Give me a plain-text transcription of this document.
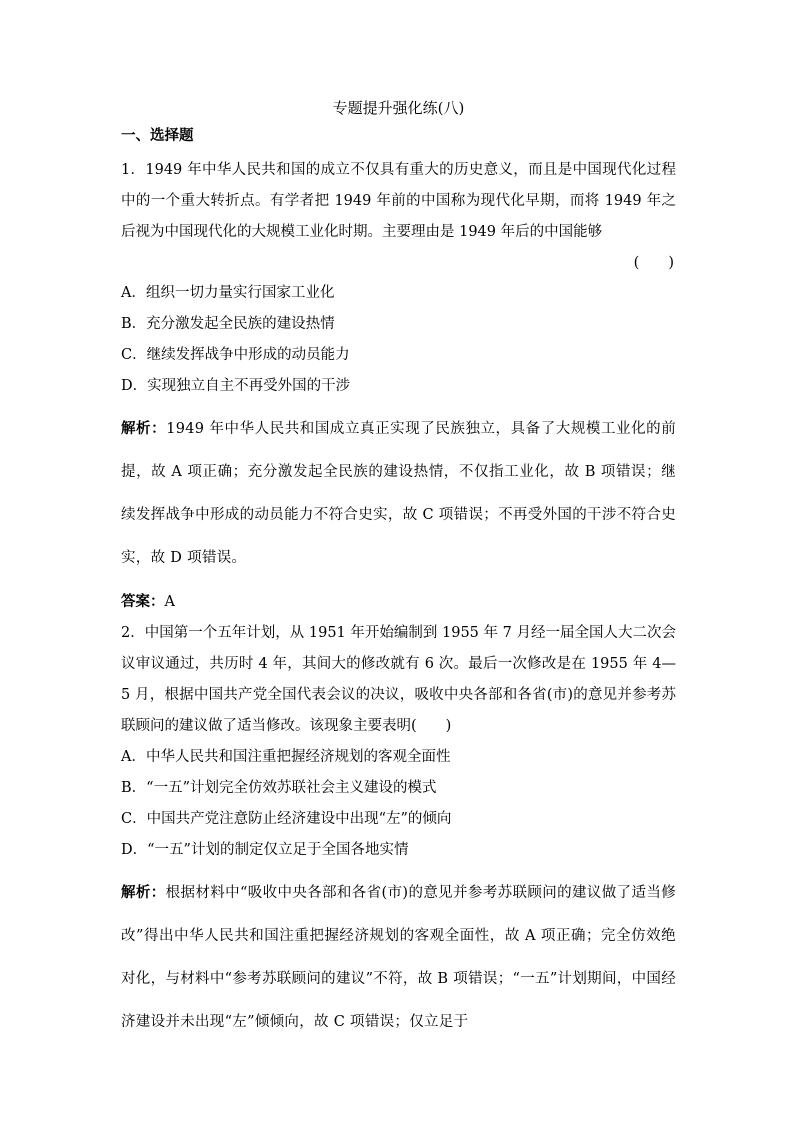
专题提升强化练(八)

一、选择题

1．1949 年中华人民共和国的成立不仅具有重大的历史意义，而且是中国现代化过程中的一个重大转折点。有学者把 1949 年前的中国称为现代化早期，而将 1949 年之后视为中国现代化的大规模工业化时期。主要理由是 1949 年后的中国能够

(　　)

A．组织一切力量实行国家工业化

B．充分激发起全民族的建设热情

C．继续发挥战争中形成的动员能力

D．实现独立自主不再受外国的干涉

解析：1949 年中华人民共和国成立真正实现了民族独立，具备了大规模工业化的前提，故 A 项正确；充分激发起全民族的建设热情，不仅指工业化，故 B 项错误；继续发挥战争中形成的动员能力不符合史实，故 C 项错误；不再受外国的干涉不符合史实，故 D 项错误。

答案：A

2．中国第一个五年计划，从 1951 年开始编制到 1955 年 7 月经一届全国人大二次会议审议通过，共历时 4 年，其间大的修改就有 6 次。最后一次修改是在 1955 年 4—5 月，根据中国共产党全国代表会议的决议，吸收中央各部和各省(市)的意见并参考苏联顾问的建议做了适当修改。该现象主要表明(　　)

A．中华人民共和国注重把握经济规划的客观全面性

B．“一五”计划完全仿效苏联社会主义建设的模式

C．中国共产党注意防止经济建设中出现“左”的倾向

D．“一五”计划的制定仅立足于全国各地实情

解析：根据材料中“吸收中央各部和各省(市)的意见并参考苏联顾问的建议做了适当修改”得出中华人民共和国注重把握经济规划的客观全面性，故 A 项正确；完全仿效绝对化，与材料中“参考苏联顾问的建议”不符，故 B 项错误；“一五”计划期间，中国经济建设并未出现“左”倾倾向，故 C 项错误；仅立足于
